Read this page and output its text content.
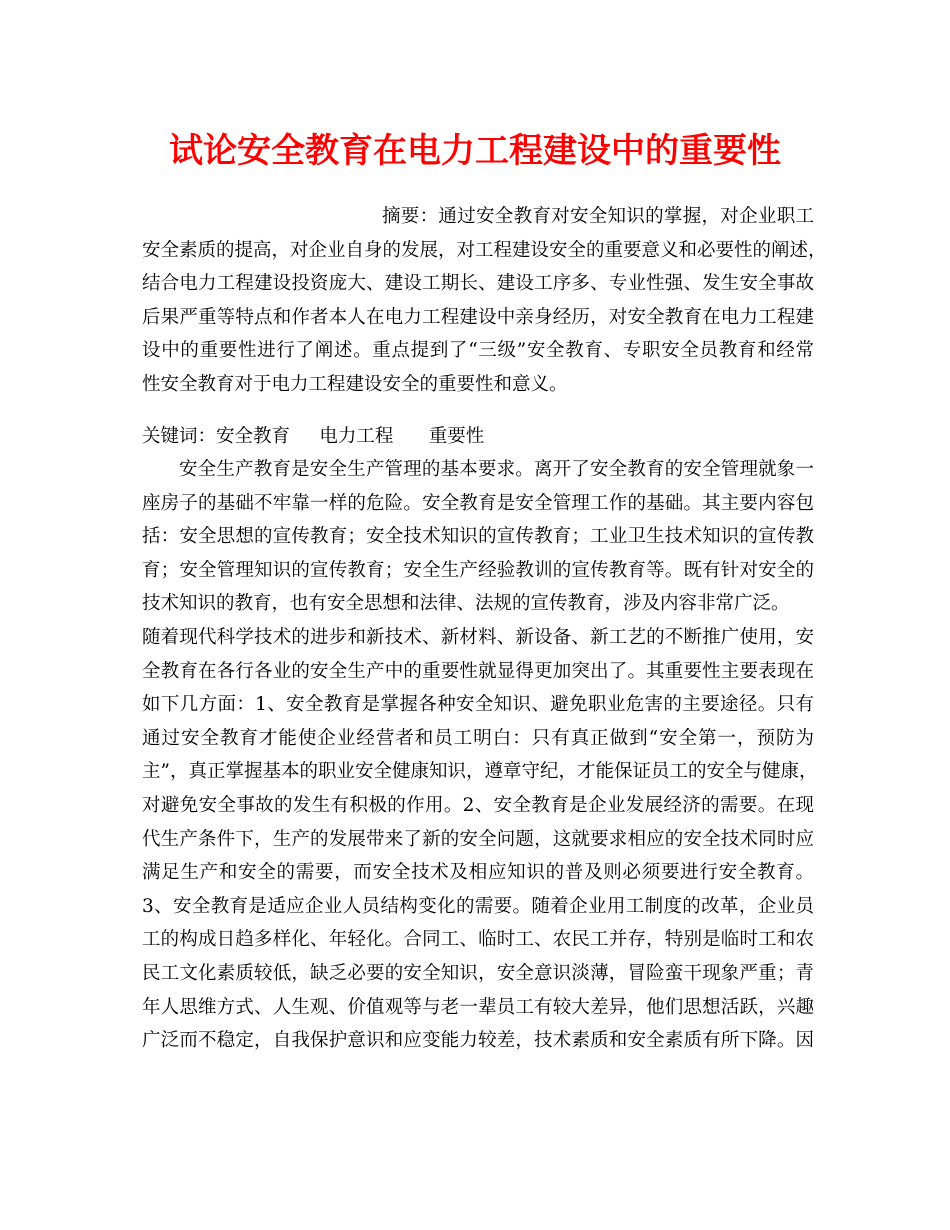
试论安全教育在电力工程建设中的重要性
摘要：通过安全教育对安全知识的掌握，对企业职工
安全素质的提高，对企业自身的发展，对工程建设安全的重要意义和必要性的阐述，
结合电力工程建设投资庞大、建设工期长、建设工序多、专业性强、发生安全事故
后果严重等特点和作者本人在电力工程建设中亲身经历，对安全教育在电力工程建
设中的重要性进行了阐述。重点提到了“三级”安全教育、专职安全员教育和经常
性安全教育对于电力工程建设安全的重要性和意义。
关键词：安全教育     电力工程      重要性
安全生产教育是安全生产管理的基本要求。离开了安全教育的安全管理就象一
座房子的基础不牢靠一样的危险。安全教育是安全管理工作的基础。其主要内容包
括：安全思想的宣传教育；安全技术知识的宣传教育；工业卫生技术知识的宣传教
育；安全管理知识的宣传教育；安全生产经验教训的宣传教育等。既有针对安全的
技术知识的教育，也有安全思想和法律、法规的宣传教育，涉及内容非常广泛。
随着现代科学技术的进步和新技术、新材料、新设备、新工艺的不断推广使用，安
全教育在各行各业的安全生产中的重要性就显得更加突出了。其重要性主要表现在
如下几方面：1、安全教育是掌握各种安全知识、避免职业危害的主要途径。只有
通过安全教育才能使企业经营者和员工明白：只有真正做到“安全第一，预防为
主”，真正掌握基本的职业安全健康知识，遵章守纪，才能保证员工的安全与健康，
对避免安全事故的发生有积极的作用。2、安全教育是企业发展经济的需要。在现
代生产条件下，生产的发展带来了新的安全问题，这就要求相应的安全技术同时应
满足生产和安全的需要，而安全技术及相应知识的普及则必须要进行安全教育。
3、安全教育是适应企业人员结构变化的需要。随着企业用工制度的改革，企业员
工的构成日趋多样化、年轻化。合同工、临时工、农民工并存，特别是临时工和农
民工文化素质较低，缺乏必要的安全知识，安全意识淡薄，冒险蛮干现象严重；青
年人思维方式、人生观、价值观等与老一辈员工有较大差异，他们思想活跃，兴趣
广泛而不稳定，自我保护意识和应变能力较差，技术素质和安全素质有所下降。因
